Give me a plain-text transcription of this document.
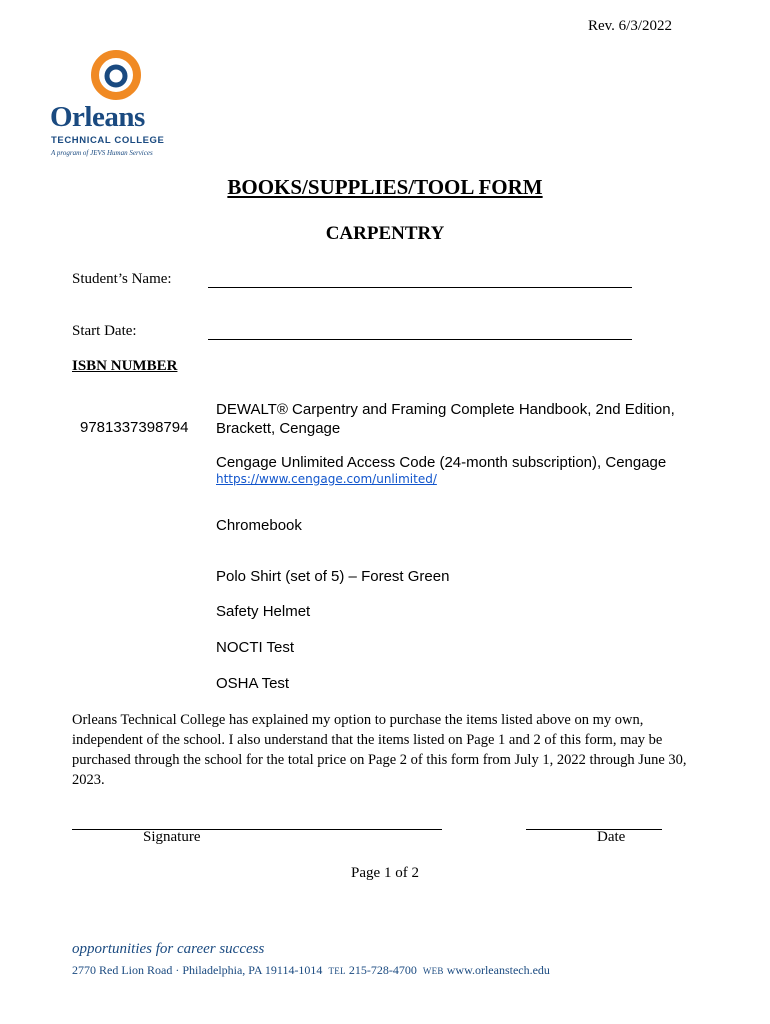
Rev. 6/3/2022
Orleans
TECHNICAL COLLEGE
A program of JEVS Human Services
BOOKS/SUPPLIES/TOOL FORM
CARPENTRY
Student’s Name:
Start Date:
ISBN NUMBER
9781337398794
DEWALT® Carpentry and Framing Complete Handbook, 2nd Edition, Brackett, Cengage
Cengage Unlimited Access Code (24-month subscription), Cengage
https://www.cengage.com/unlimited/
Chromebook
Polo Shirt (set of 5) – Forest Green
Safety Helmet
NOCTI Test
OSHA Test
Orleans Technical College has explained my option to purchase the items listed above on my own, independent of the school. I also understand that the items listed on Page 1 and 2 of this form, may be purchased through the school for the total price on Page 2 of this form from July 1, 2022 through June 30, 2023.
Signature	Date
Page 1 of 2
opportunities for career success
2770 Red Lion Road · Philadelphia, PA 19114-1014 TEL 215-728-4700 WEB www.orleanstech.edu
